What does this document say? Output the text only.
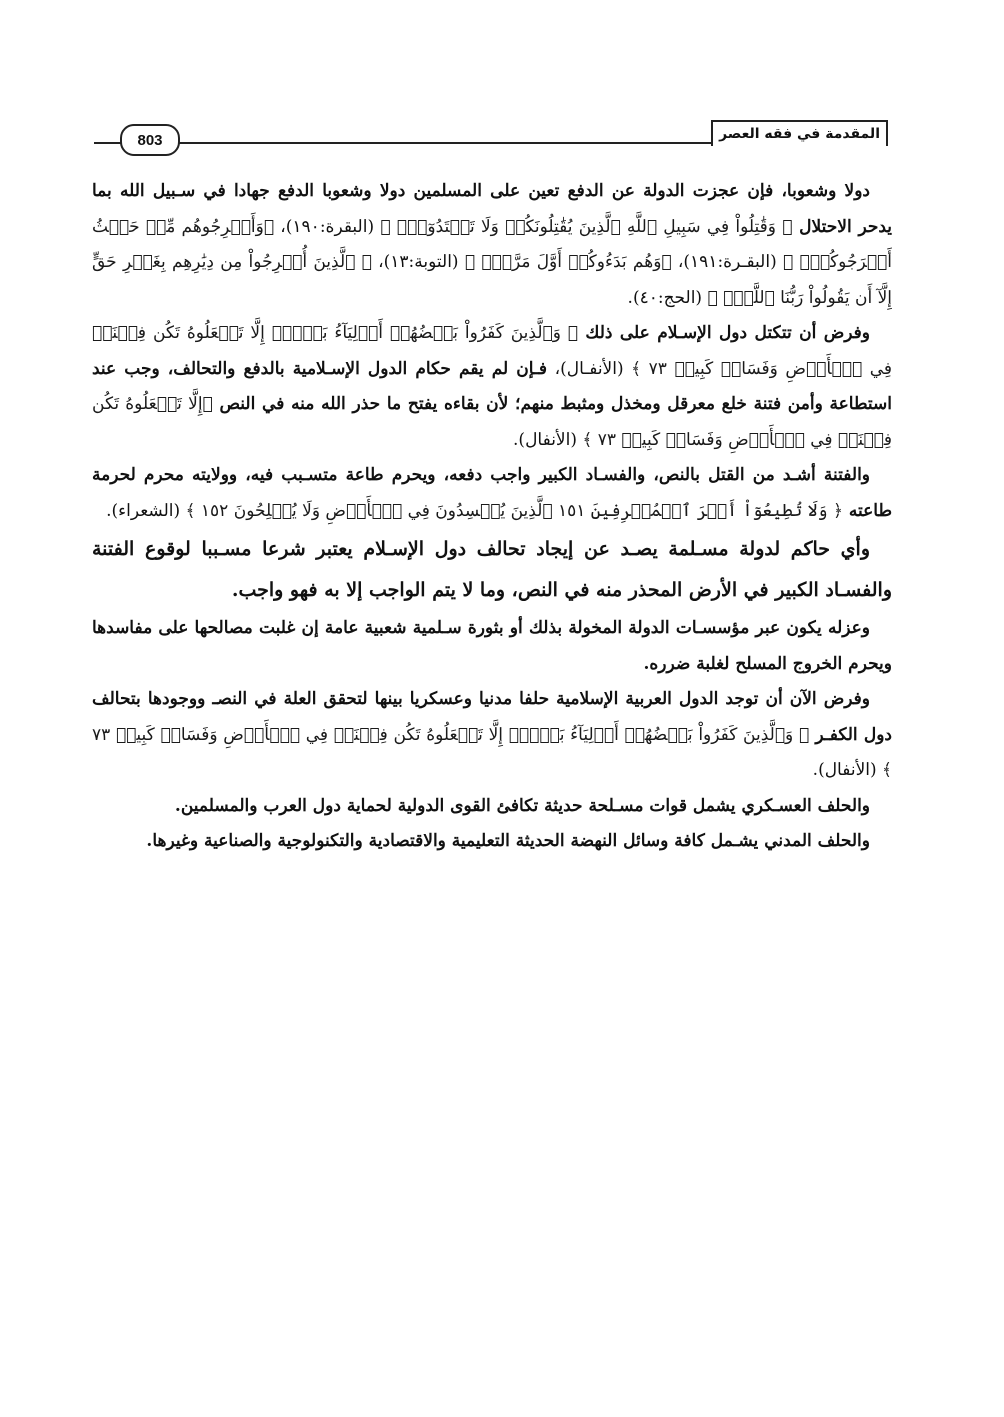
803	المقدمة في فقه العصر

دولا وشعوبا، فإن عجزت الدولة عن الدفع تعين على المسلمين دولا وشعوبا الدفع جهادا في سـبيل الله بما يدحر الاحتلال ﴿ وَقَٰتِلُواْ فِي سَبِيلِ ٱللَّهِ ٱلَّذِينَ يُقَٰتِلُونَكُمۡ وَلَا تَعۡتَدُوٓاْۚ ﴾ (البقرة:١٩٠)، ﴿وَأَخۡرِجُوهُم مِّنۡ حَيۡثُ أَخۡرَجُوكُمۡۚ ﴾ (البقـرة:١٩١)، ﴿وَهُم بَدَءُوكُمۡ أَوَّلَ مَرَّةٍۚ ﴾ (التوبة:١٣)، ﴿ ٱلَّذِينَ أُخۡرِجُواْ مِن دِيَٰرِهِم بِغَيۡرِ حَقٍّ إِلَّآ أَن يَقُولُواْ رَبُّنَا ٱللَّهُۗ ﴾ (الحج:٤٠).

وفرض أن تتكتل دول الإسـلام على ذلك ﴿ وَٱلَّذِينَ كَفَرُواْ بَعۡضُهُمۡ أَوۡلِيَآءُ بَعۡضٍۚ إِلَّا تَفۡعَلُوهُ تَكُن فِتۡنَةٞ فِي ٱلۡأَرۡضِ وَفَسَادٞ كَبِيرٞ ٧٣ ﴾ (الأنفـال)، فـإن لم يقم حكام الدول الإسـلامية بالدفع والتحالف، وجب عند استطاعة وأمن فتنة خلع معرقل ومخذل ومثبط منهم؛ لأن بقاءه يفتح ما حذر الله منه في النص ﴿إِلَّا تَفۡعَلُوهُ تَكُن فِتۡنَةٞ فِي ٱلۡأَرۡضِ وَفَسَادٞ كَبِيرٞ ٧٣ ﴾ (الأنفال).

والفتنة أشـد من القتل بالنص، والفسـاد الكبير واجب دفعه، ويحرم طاعة متسـبب فيه، وولايته محرم لحرمة طاعته ﴿ وَلَا تُطِيعُوٓاْ أَمۡرَ ٱلۡمُسۡرِفِينَ ١٥١ ٱلَّذِينَ يُفۡسِدُونَ فِي ٱلۡأَرۡضِ وَلَا يُصۡلِحُونَ ١٥٢ ﴾ (الشعراء).

وأي حاكم لدولة مسـلمة يصـد عن إيجاد تحالف دول الإسـلام يعتبر شرعا مسـببا لوقوع الفتنة والفسـاد الكبير في الأرض المحذر منه في النص، وما لا يتم الواجب إلا به فهو واجب.

وعزله يكون عبر مؤسسـات الدولة المخولة بذلك أو بثورة سـلمية شعبية عامة إن غلبت مصالحها على مفاسدها ويحرم الخروج المسلح لغلبة ضرره.

وفرض الآن أن توجد الدول العربية الإسلامية حلفا مدنيا وعسكريا بينها لتحقق العلة في النصـ ووجودها بتحالف دول الكفـر ﴿ وَٱلَّذِينَ كَفَرُواْ بَعۡضُهُمۡ أَوۡلِيَآءُ بَعۡضٍۚ إِلَّا تَفۡعَلُوهُ تَكُن فِتۡنَةٞ فِي ٱلۡأَرۡضِ وَفَسَادٞ كَبِيرٞ ٧٣ ﴾ (الأنفال).

والحلف العسـكري يشمل قوات مسـلحة حديثة تكافئ القوى الدولية لحماية دول العرب والمسلمين.

والحلف المدني يشـمل كافة وسائل النهضة الحديثة التعليمية والاقتصادية والتكنولوجية والصناعية وغيرها.
